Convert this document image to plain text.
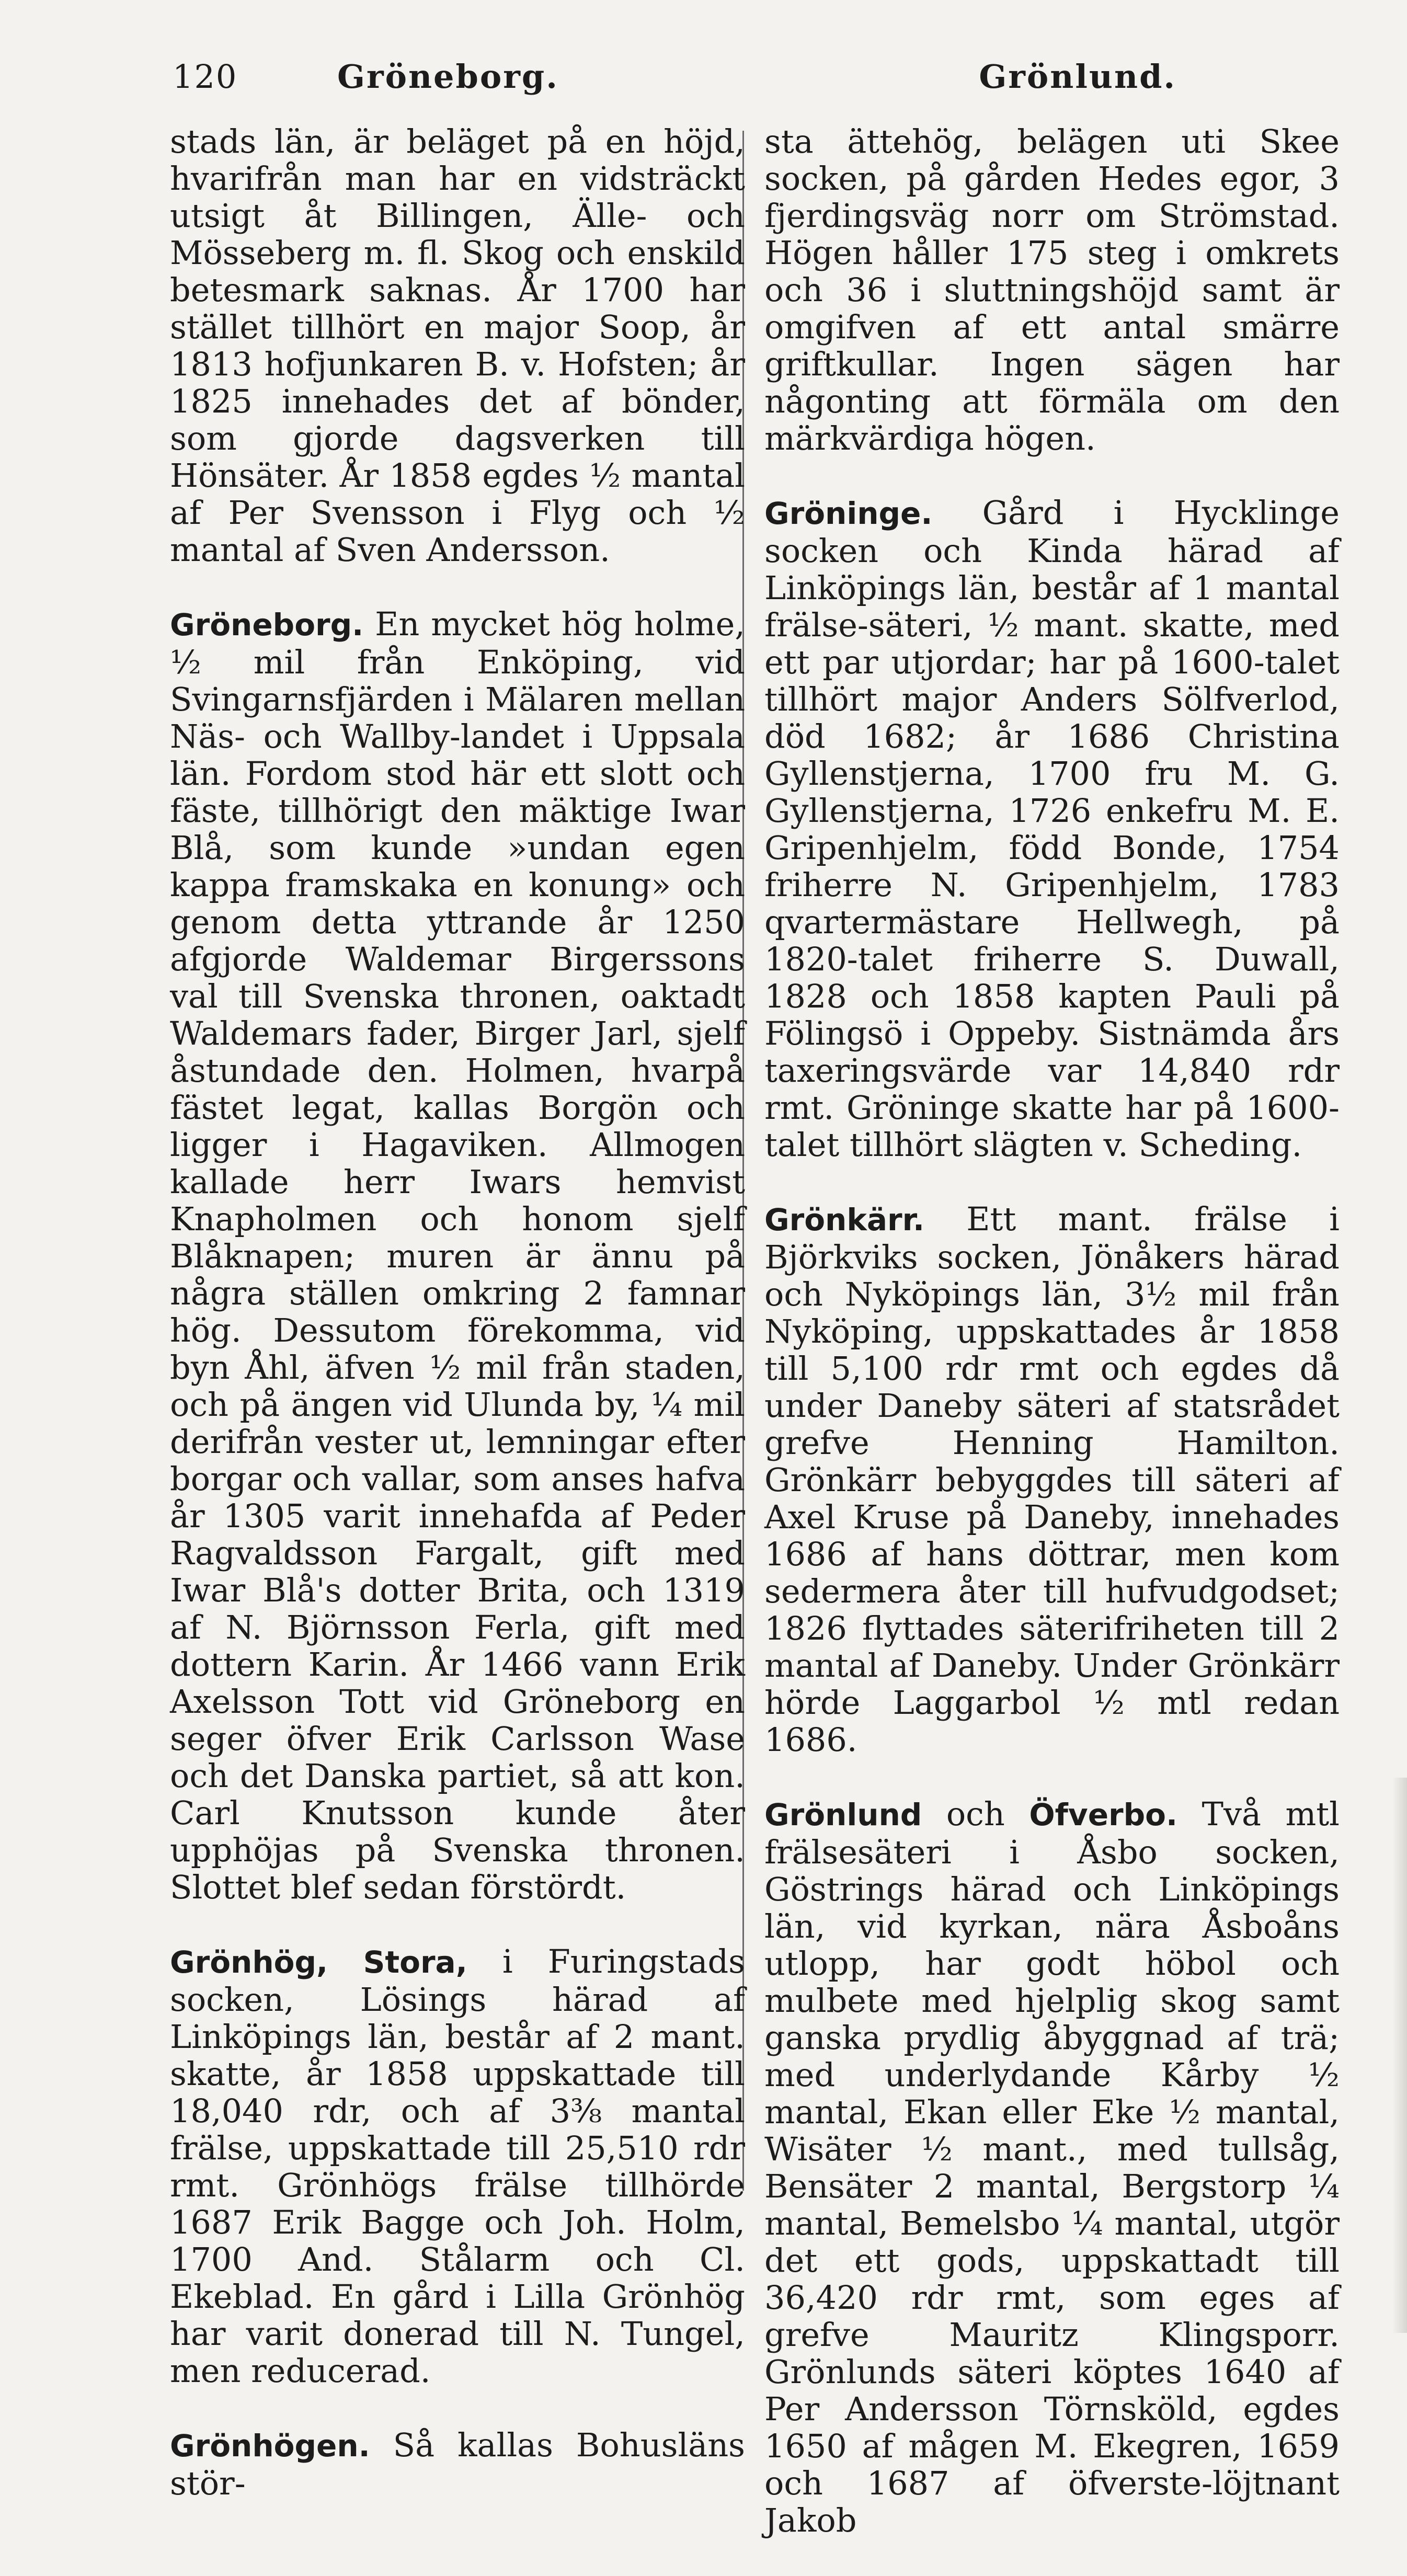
120	Gröneborg.	Grönlund.

stads län, är beläget på en höjd, hvarifrån man har en vidsträckt utsigt åt Billingen, Älle- och Mösseberg m. fl. Skog och enskild betesmark saknas. År 1700 har stället tillhört en major Soop, år 1813 hofjunkaren B. v. Hofsten; år 1825 innehades det af bönder, som gjorde dagsverken till Hönsäter. År 1858 egdes ½ mantal af Per Svensson i Flyg och ½ mantal af Sven Andersson.

Gröneborg. En mycket hög holme, ½ mil från Enköping, vid Svingarnsfjärden i Mälaren mellan Näs- och Wallby-landet i Uppsala län. Fordom stod här ett slott och fäste, tillhörigt den mäktige Iwar Blå, som kunde »undan egen kappa framskaka en konung» och genom detta yttrande år 1250 afgjorde Waldemar Birgerssons val till Svenska thronen, oaktadt Waldemars fader, Birger Jarl, sjelf åstundade den. Holmen, hvarpå fästet legat, kallas Borgön och ligger i Hagaviken. Allmogen kallade herr Iwars hemvist Knapholmen och honom sjelf Blåknapen; muren är ännu på några ställen omkring 2 famnar hög. Dessutom förekomma, vid byn Åhl, äfven ½ mil från staden, och på ängen vid Ulunda by, ¼ mil derifrån vester ut, lemningar efter borgar och vallar, som anses hafva år 1305 varit innehafda af Peder Ragvaldsson Fargalt, gift med Iwar Blå's dotter Brita, och 1319 af N. Björnsson Ferla, gift med dottern Karin. År 1466 vann Erik Axelsson Tott vid Gröneborg en seger öfver Erik Carlsson Wase och det Danska partiet, så att kon. Carl Knutsson kunde åter upphöjas på Svenska thronen. Slottet blef sedan förstördt.

Grönhög, Stora, i Furingstads socken, Lösings härad af Linköpings län, består af 2 mant. skatte, år 1858 uppskattade till 18,040 rdr, och af 3⅜ mantal frälse, uppskattade till 25,510 rdr rmt. Grönhögs frälse tillhörde 1687 Erik Bagge och Joh. Holm, 1700 And. Stålarm och Cl. Ekeblad. En gård i Lilla Grönhög har varit donerad till N. Tungel, men reducerad.

Grönhögen. Så kallas Bohusläns stör-

sta ättehög, belägen uti Skee socken, på gården Hedes egor, 3 fjerdingsväg norr om Strömstad. Högen håller 175 steg i omkrets och 36 i sluttningshöjd samt är omgifven af ett antal smärre griftkullar. Ingen sägen har någonting att förmäla om den märkvärdiga högen.

Gröninge. Gård i Hycklinge socken och Kinda härad af Linköpings län, består af 1 mantal frälse-säteri, ½ mant. skatte, med ett par utjordar; har på 1600-talet tillhört major Anders Sölfverlod, död 1682; år 1686 Christina Gyllenstjerna, 1700 fru M. G. Gyllenstjerna, 1726 enkefru M. E. Gripenhjelm, född Bonde, 1754 friherre N. Gripenhjelm, 1783 qvartermästare Hellwegh, på 1820-talet friherre S. Duwall, 1828 och 1858 kapten Pauli på Fölingsö i Oppeby. Sistnämda års taxeringsvärde var 14,840 rdr rmt. Gröninge skatte har på 1600-talet tillhört slägten v. Scheding.

Grönkärr. Ett mant. frälse i Björkviks socken, Jönåkers härad och Nyköpings län, 3½ mil från Nyköping, uppskattades år 1858 till 5,100 rdr rmt och egdes då under Daneby säteri af statsrådet grefve Henning Hamilton. Grönkärr bebyggdes till säteri af Axel Kruse på Daneby, innehades 1686 af hans döttrar, men kom sedermera åter till hufvudgodset; 1826 flyttades säterifriheten till 2 mantal af Daneby. Under Grönkärr hörde Laggarbol ½ mtl redan 1686.

Grönlund och Öfverbo. Två mtl frälsesäteri i Åsbo socken, Göstrings härad och Linköpings län, vid kyrkan, nära Åsboåns utlopp, har godt höbol och mulbete med hjelplig skog samt ganska prydlig åbyggnad af trä; med underlydande Kårby ½ mantal, Ekan eller Eke ½ mantal, Wisäter ½ mant., med tullsåg, Bensäter 2 mantal, Bergstorp ¼ mantal, Bemelsbo ¼ mantal, utgör det ett gods, uppskattadt till 36,420 rdr rmt, som eges af grefve Mauritz Klingsporr. Grönlunds säteri köptes 1640 af Per Andersson Törnsköld, egdes 1650 af mågen M. Ekegren, 1659 och 1687 af öfverste-löjtnant Jakob
